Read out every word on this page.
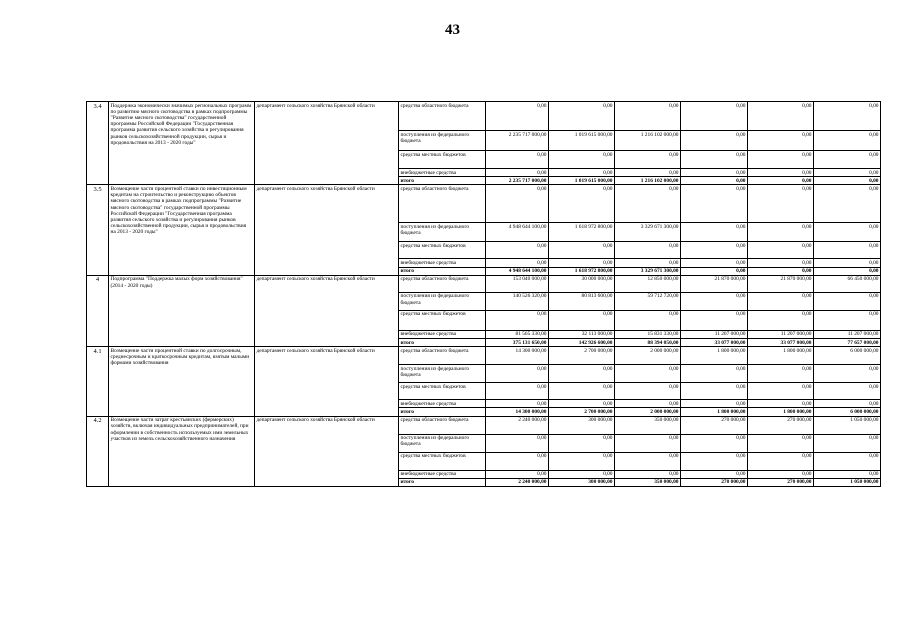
43
3.4	Поддержка экономически значимых региональных программ по развитию мясного скотоводства в рамках подпрограммы "Развитие мясного скотоводства" государственной программы Российской Федерации "Государственная программа развития сельского хозяйства и регулирования рынков сельскохозяйственной продукции, сырья и продовольствия на 2013 - 2020 годы"	департамент сельского хозяйства Брянской области	средства областного бюджета	0,00	0,00	0,00	0,00	0,00	0,00
			поступления из федерального бюджета	2 235 717 000,00	1 019 615 000,00	1 216 102 000,00	0,00	0,00	0,00
			средства местных бюджетов	0,00	0,00	0,00	0,00	0,00	0,00
			внебюджетные средства	0,00	0,00	0,00	0,00	0,00	0,00
			итого	2 235 717 000,00	1 019 615 000,00	1 216 102 000,00	0,00	0,00	0,00
3.5	Возмещение части процентной ставки по инвестиционным кредитам на строительство и реконструкцию объектов мясного скотоводства в рамках подпрограммы "Развитие мясного скотоводства" государственной программы Российской Федерации "Государственная программа развития сельского хозяйства и регулирования рынков сельскохозяйственной продукции, сырья и продовольствия на 2013 - 2020 годы"	департамент сельского хозяйства Брянской области	средства областного бюджета	0,00	0,00	0,00	0,00	0,00	0,00
			поступления из федерального бюджета	4 948 644 100,00	1 618 972 800,00	3 329 671 300,00	0,00	0,00	0,00
			средства местных бюджетов	0,00	0,00	0,00	0,00	0,00	0,00
			внебюджетные средства	0,00	0,00	0,00	0,00	0,00	0,00
			итого	4 948 644 100,00	1 618 972 800,00	3 329 671 300,00	0,00	0,00	0,00
4	Подпрограмма "Поддержка малых форм хозяйствования" (2014 - 2020 годы)	департамент сельского хозяйства Брянской области	средства областного бюджета	153 040 000,00	30 000 000,00	12 850 000,00	21 870 000,00	21 870 000,00	66 450 000,00
			поступления из федерального бюджета	140 526 320,00	80 813 600,00	59 712 720,00	0,00	0,00	0,00
			средства местных бюджетов	0,00	0,00	0,00	0,00	0,00	0,00
			внебюджетные средства	81 565 330,00	32 113 000,00	15 831 330,00	11 207 000,00	11 207 000,00	11 207 000,00
			итого	375 131 650,00	142 926 600,00	88 394 050,00	33 077 000,00	33 077 000,00	77 657 000,00
4.1	Возмещение части процентной ставки по долгосрочным, среднесрочным и краткосрочным кредитам, взятым малыми формами хозяйствования	департамент сельского хозяйства Брянской области	средства областного бюджета	14 300 000,00	2 700 000,00	2 000 000,00	1 800 000,00	1 800 000,00	6 000 000,00
			поступления из федерального бюджета	0,00	0,00	0,00	0,00	0,00	0,00
			средства местных бюджетов	0,00	0,00	0,00	0,00	0,00	0,00
			внебюджетные средства	0,00	0,00	0,00	0,00	0,00	0,00
			итого	14 300 000,00	2 700 000,00	2 000 000,00	1 800 000,00	1 800 000,00	6 000 000,00
4.2	Возмещение части затрат крестьянских (фермерских) хозяйств, включая индивидуальных предпринимателей, при оформлении в собственность используемых ими земельных участков из земель сельскохозяйственного назначения	департамент сельского хозяйства Брянской области	средства областного бюджета	2 240 000,00	300 000,00	350 000,00	270 000,00	270 000,00	1 050 000,00
			поступления из федерального бюджета	0,00	0,00	0,00	0,00	0,00	0,00
			средства местных бюджетов	0,00	0,00	0,00	0,00	0,00	0,00
			внебюджетные средства	0,00	0,00	0,00	0,00	0,00	0,00
			итого	2 240 000,00	300 000,00	350 000,00	270 000,00	270 000,00	1 050 000,00
